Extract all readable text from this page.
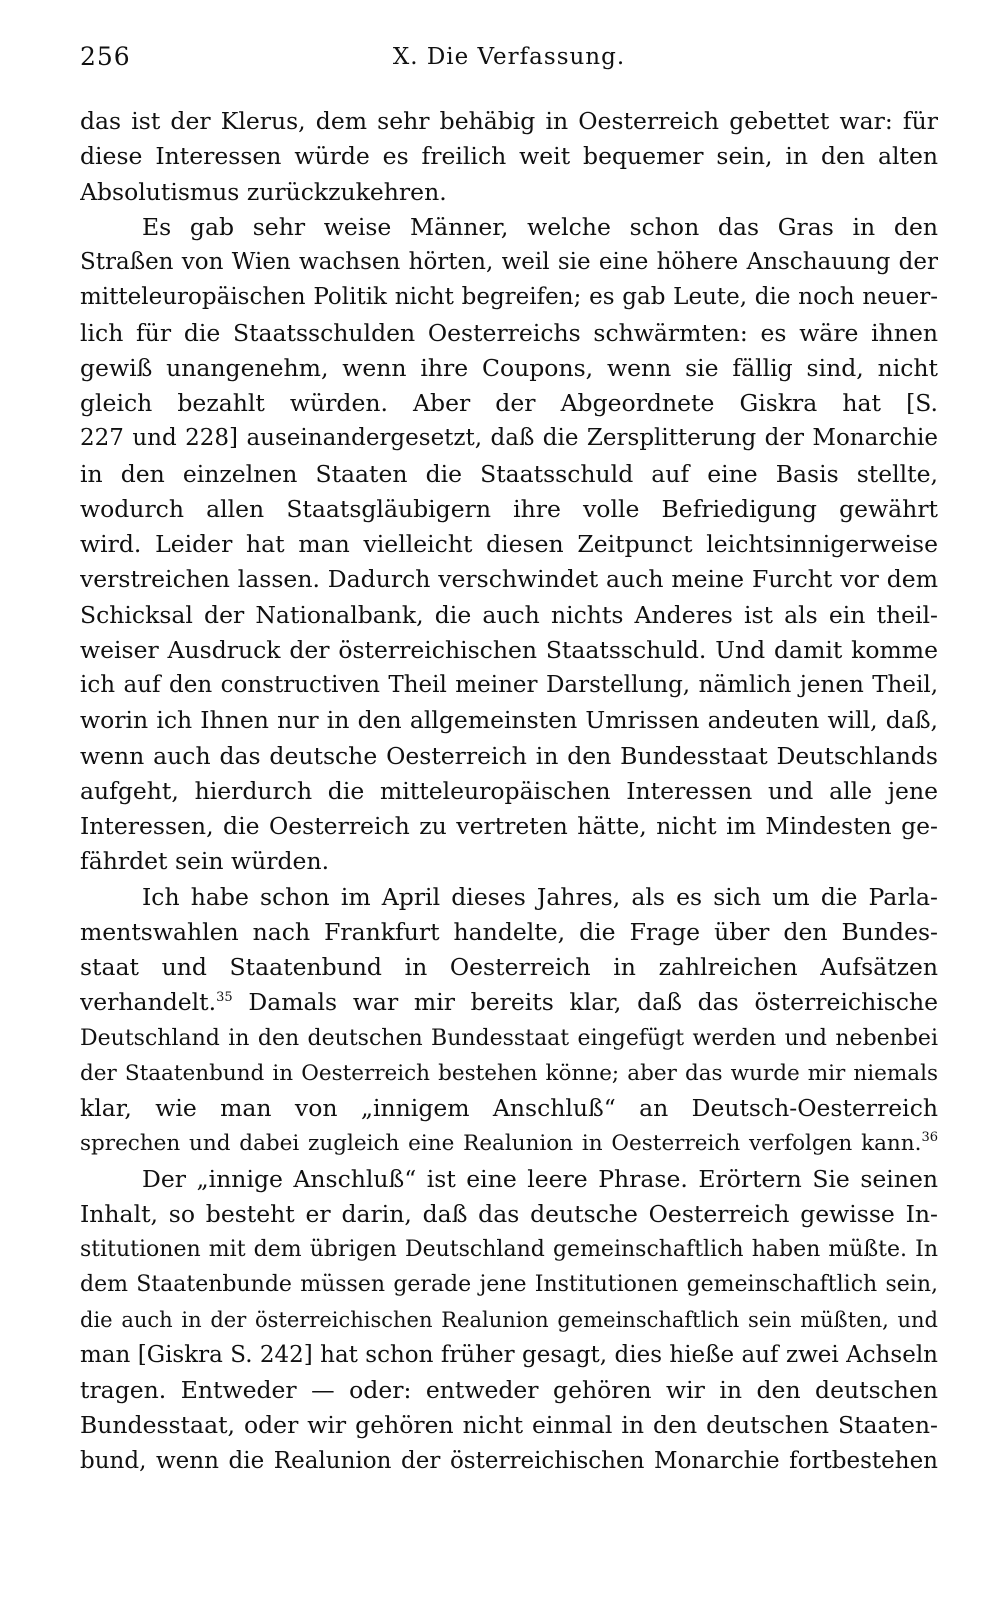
256	X. Die Verfassung.
das ist der Klerus, dem sehr behäbig in Oesterreich gebettet war: für
diese Interessen würde es freilich weit bequemer sein, in den alten
Absolutismus zurückzukehren.
Es gab sehr weise Männer, welche schon das Gras in den
Straßen von Wien wachsen hörten, weil sie eine höhere Anschauung der
mitteleuropäischen Politik nicht begreifen; es gab Leute, die noch neuer-
lich für die Staatsschulden Oesterreichs schwärmten: es wäre ihnen
gewiß unangenehm, wenn ihre Coupons, wenn sie fällig sind, nicht
gleich bezahlt würden. Aber der Abgeordnete Giskra hat [S.
227 und 228] auseinandergesetzt, daß die Zersplitterung der Monarchie
in den einzelnen Staaten die Staatsschuld auf eine Basis stellte,
wodurch allen Staatsgläubigern ihre volle Befriedigung gewährt
wird. Leider hat man vielleicht diesen Zeitpunct leichtsinnigerweise
verstreichen lassen. Dadurch verschwindet auch meine Furcht vor dem
Schicksal der Nationalbank, die auch nichts Anderes ist als ein theil-
weiser Ausdruck der österreichischen Staatsschuld. Und damit komme
ich auf den constructiven Theil meiner Darstellung, nämlich jenen Theil,
worin ich Ihnen nur in den allgemeinsten Umrissen andeuten will, daß,
wenn auch das deutsche Oesterreich in den Bundesstaat Deutschlands
aufgeht, hierdurch die mitteleuropäischen Interessen und alle jene
Interessen, die Oesterreich zu vertreten hätte, nicht im Mindesten ge-
fährdet sein würden.
Ich habe schon im April dieses Jahres, als es sich um die Parla-
mentswahlen nach Frankfurt handelte, die Frage über den Bundes-
staat und Staatenbund in Oesterreich in zahlreichen Aufsätzen
verhandelt.$^{35}$ Damals war mir bereits klar, daß das österreichische
Deutschland in den deutschen Bundesstaat eingefügt werden und nebenbei
der Staatenbund in Oesterreich bestehen könne; aber das wurde mir niemals
klar, wie man von „innigem Anschluß“ an Deutsch-Oesterreich
sprechen und dabei zugleich eine Realunion in Oesterreich verfolgen kann.$^{36}$
Der „innige Anschluß“ ist eine leere Phrase. Erörtern Sie seinen
Inhalt, so besteht er darin, daß das deutsche Oesterreich gewisse In-
stitutionen mit dem übrigen Deutschland gemeinschaftlich haben müßte. In
dem Staatenbunde müssen gerade jene Institutionen gemeinschaftlich sein,
die auch in der österreichischen Realunion gemeinschaftlich sein müßten, und
man [Giskra S. 242] hat schon früher gesagt, dies hieße auf zwei Achseln
tragen. Entweder — oder: entweder gehören wir in den deutschen
Bundesstaat, oder wir gehören nicht einmal in den deutschen Staaten-
bund, wenn die Realunion der österreichischen Monarchie fortbestehen
